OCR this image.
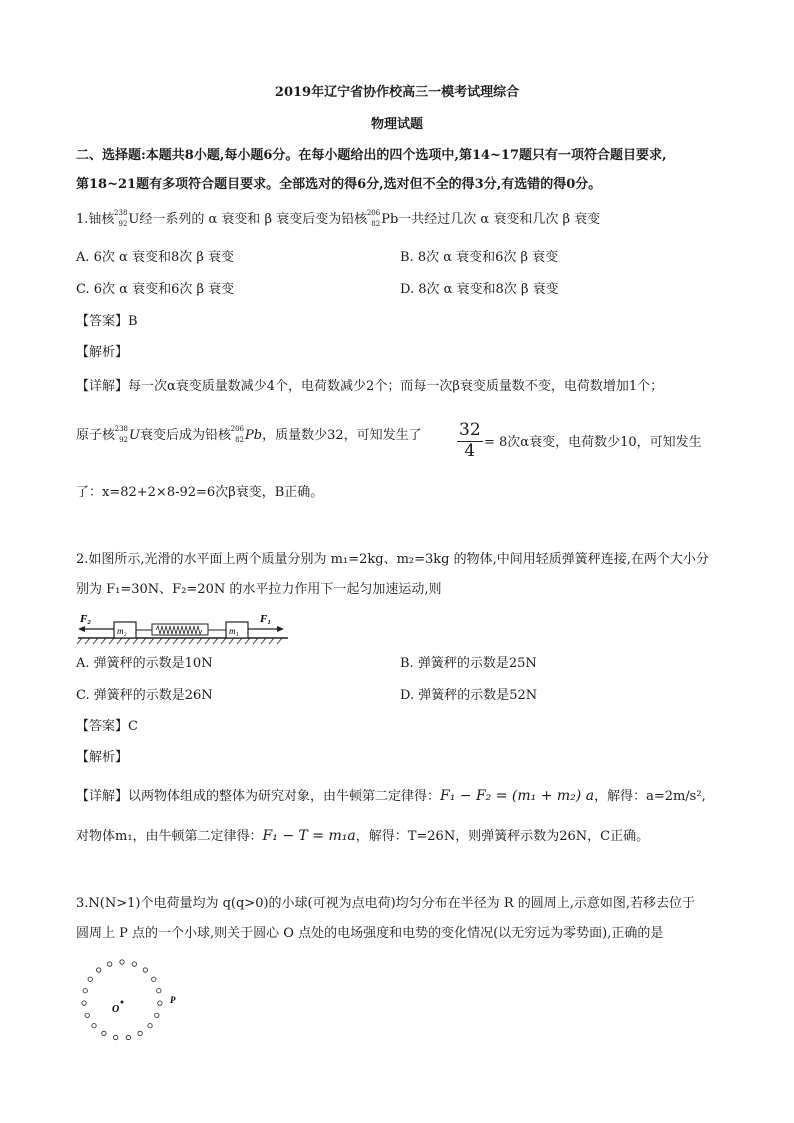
2019年辽宁省协作校高三一模考试理综合
物理试题
二、选择题:本题共8小题,每小题6分。在每小题给出的四个选项中,第14~17题只有一项符合题目要求,
第18~21题有多项符合题目要求。全部选对的得6分,选对但不全的得3分,有选错的得0分。
1.铀核 238
92 U经一系列的 α 衰变和 β 衰变后变为铅核 206
82 Pb一共经过几次 α 衰变和几次 β 衰变
A. 6次 α 衰变和8次 β 衰变	B. 8次 α 衰变和6次 β 衰变
C. 6次 α 衰变和6次 β 衰变	D. 8次 α 衰变和8次 β 衰变
【答案】B
【解析】
【详解】每一次α衰变质量数减少4个，电荷数减少2个；而每一次β衰变质量数不变，电荷数增加1个；
原子核 238
92 U衰变后成为铅核 206
82 Pb，质量数少32，可知发生了 $\frac{32}{4} = 8$次α衰变，电荷数少10，可知发生
了：x=82+2×8-92=6次β衰变，B正确。
2.如图所示,光滑的水平面上两个质量分别为 m₁=2kg、m₂=3kg 的物体,中间用轻质弹簧秤连接,在两个大小分
别为 F₁=30N、F₂=20N 的水平拉力作用下一起匀加速运动,则
F₂
m₂	m₁
F₁
A. 弹簧秤的示数是10N	B. 弹簧秤的示数是25N
C. 弹簧秤的示数是26N	D. 弹簧秤的示数是52N
【答案】C
【解析】
【详解】以两物体组成的整体为研究对象，由牛顿第二定律得：F₁ − F₂ = (m₁ + m₂) a，解得：a=2m/s²,
对物体m₁，由牛顿第二定律得：F₁ − T = m₁a，解得：T=26N，则弹簧秤示数为26N，C正确。
3.N(N>1)个电荷量均为 q(q>0)的小球(可视为点电荷)均匀分布在半径为 R 的圆周上,示意如图,若移去位于
圆周上 P 点的一个小球,则关于圆心 O 点处的电场强度和电势的变化情况(以无穷远为零势面),正确的是
O
P
